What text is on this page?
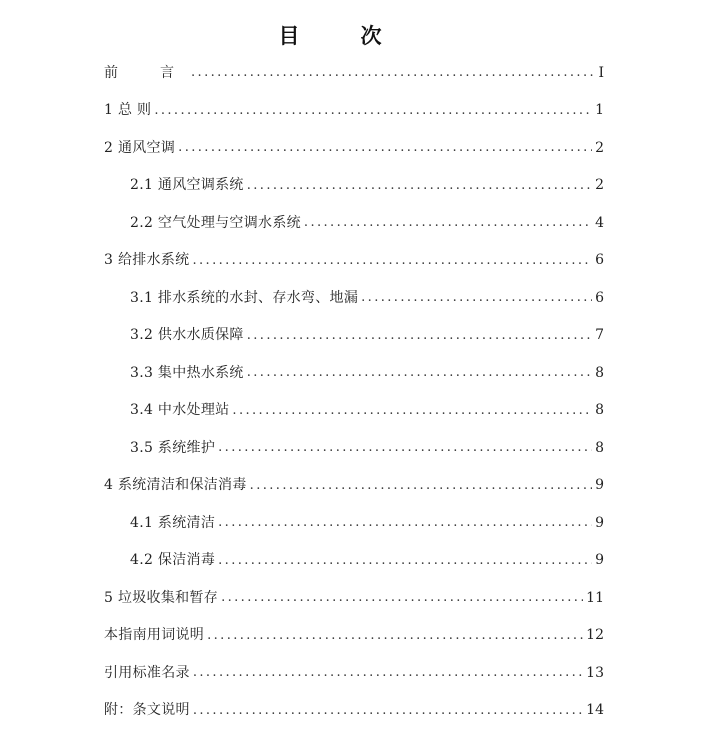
目　次
前　言 .....	I
1 总 则 .....	1
2 通风空调 .....	2
2.1 通风空调系统 .....	2
2.2 空气处理与空调水系统 .....	4
3 给排水系统 .....	6
3.1 排水系统的水封、存水弯、地漏 .....	6
3.2 供水水质保障 .....	7
3.3 集中热水系统 .....	8
3.4 中水处理站 .....	8
3.5 系统维护 .....	8
4 系统清洁和保洁消毒 .....	9
4.1 系统清洁 .....	9
4.2 保洁消毒 .....	9
5 垃圾收集和暂存 .....	11
本指南用词说明 .....	12
引用标准名录 .....	13
附：条文说明 .....	14
